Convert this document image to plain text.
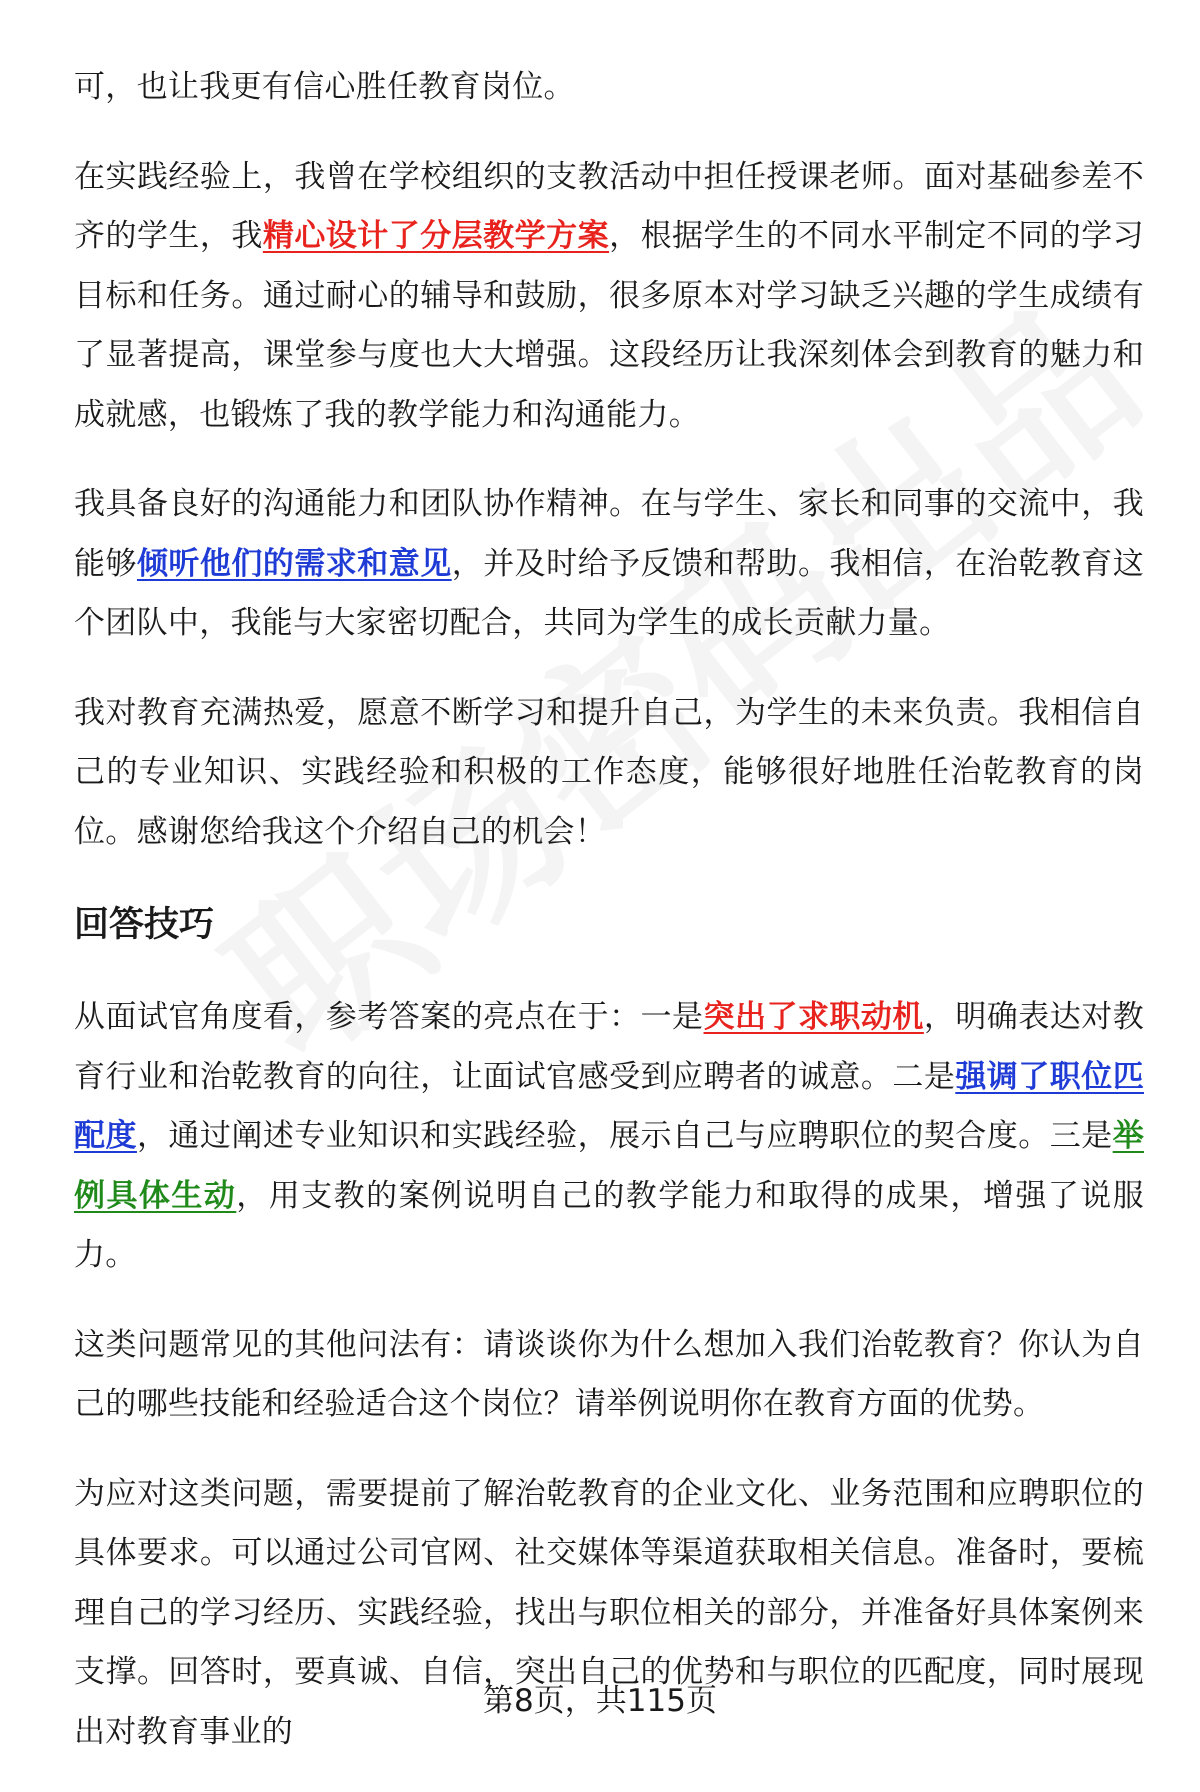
可，也让我更有信心胜任教育岗位。

在实践经验上，我曾在学校组织的支教活动中担任授课老师。面对基础参差不齐的学生，我精心设计了分层教学方案，根据学生的不同水平制定不同的学习目标和任务。通过耐心的辅导和鼓励，很多原本对学习缺乏兴趣的学生成绩有了显著提高，课堂参与度也大大增强。这段经历让我深刻体会到教育的魅力和成就感，也锻炼了我的教学能力和沟通能力。

我具备良好的沟通能力和团队协作精神。在与学生、家长和同事的交流中，我能够倾听他们的需求和意见，并及时给予反馈和帮助。我相信，在治乾教育这个团队中，我能与大家密切配合，共同为学生的成长贡献力量。

我对教育充满热爱，愿意不断学习和提升自己，为学生的未来负责。我相信自己的专业知识、实践经验和积极的工作态度，能够很好地胜任治乾教育的岗位。感谢您给我这个介绍自己的机会！

回答技巧

从面试官角度看，参考答案的亮点在于：一是突出了求职动机，明确表达对教育行业和治乾教育的向往，让面试官感受到应聘者的诚意。二是强调了职位匹配度，通过阐述专业知识和实践经验，展示自己与应聘职位的契合度。三是举例具体生动，用支教的案例说明自己的教学能力和取得的成果，增强了说服力。

这类问题常见的其他问法有：请谈谈你为什么想加入我们治乾教育？你认为自己的哪些技能和经验适合这个岗位？请举例说明你在教育方面的优势。

为应对这类问题，需要提前了解治乾教育的企业文化、业务范围和应聘职位的具体要求。可以通过公司官网、社交媒体等渠道获取相关信息。准备时，要梳理自己的学习经历、实践经验，找出与职位相关的部分，并准备好具体案例来支撑。回答时，要真诚、自信，突出自己的优势和与职位的匹配度，同时展现出对教育事业的

第8页，共115页
